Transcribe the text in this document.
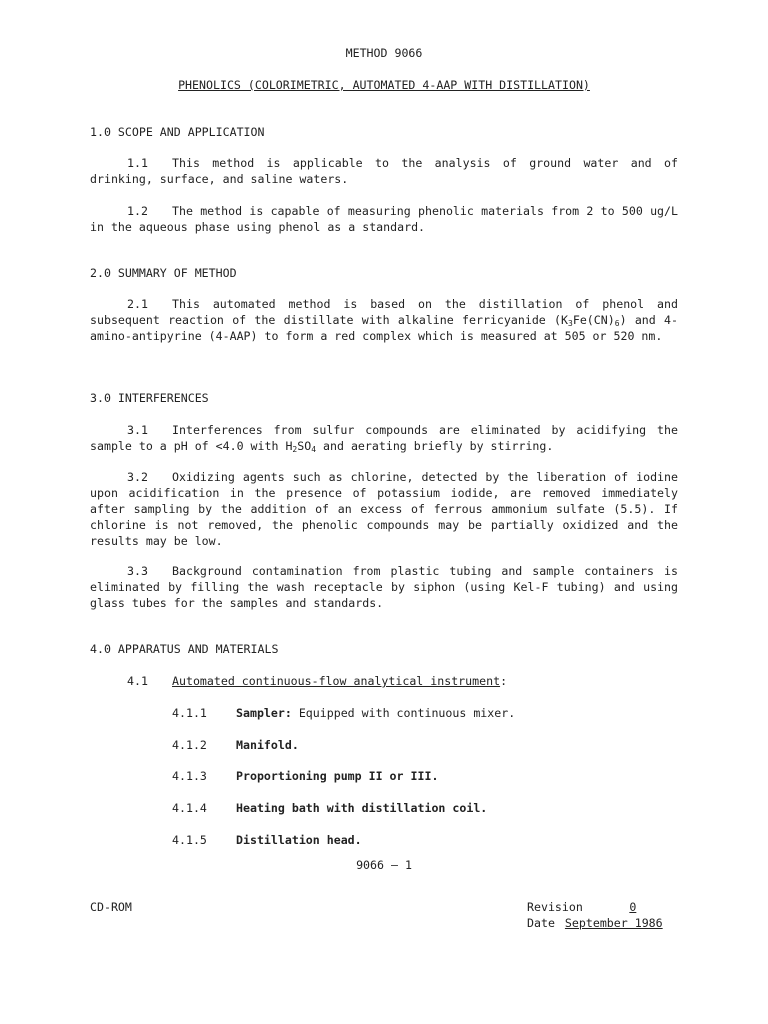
METHOD 9066
PHENOLICS (COLORIMETRIC, AUTOMATED 4-AAP WITH DISTILLATION)
1.0 SCOPE AND APPLICATION
1.1 This method is applicable to the analysis of ground water and of drinking, surface, and saline waters.
1.2 The method is capable of measuring phenolic materials from 2 to 500 ug/L in the aqueous phase using phenol as a standard.
2.0 SUMMARY OF METHOD
2.1 This automated method is based on the distillation of phenol and subsequent reaction of the distillate with alkaline ferricyanide $(K_3Fe(CN)_6)$ and 4-amino-antipyrine (4-AAP) to form a red complex which is measured at 505 or 520 nm.
3.0 INTERFERENCES
3.1 Interferences from sulfur compounds are eliminated by acidifying the sample to a pH of <4.0 with $H_2SO_4$ and aerating briefly by stirring.
3.2 Oxidizing agents such as chlorine, detected by the liberation of iodine upon acidification in the presence of potassium iodide, are removed immediately after sampling by the addition of an excess of ferrous ammonium sulfate (5.5). If chlorine is not removed, the phenolic compounds may be partially oxidized and the results may be low.
3.3 Background contamination from plastic tubing and sample containers is eliminated by filling the wash receptacle by siphon (using Kel-F tubing) and using glass tubes for the samples and standards.
4.0 APPARATUS AND MATERIALS
4.1 Automated continuous-flow analytical instrument:
4.1.1	Sampler: Equipped with continuous mixer.
4.1.2	Manifold.
4.1.3	Proportioning pump II or III.
4.1.4	Heating bath with distillation coil.
4.1.5	Distillation head.
9066 – 1
CD-ROM	Revision	0
Date September 1986
